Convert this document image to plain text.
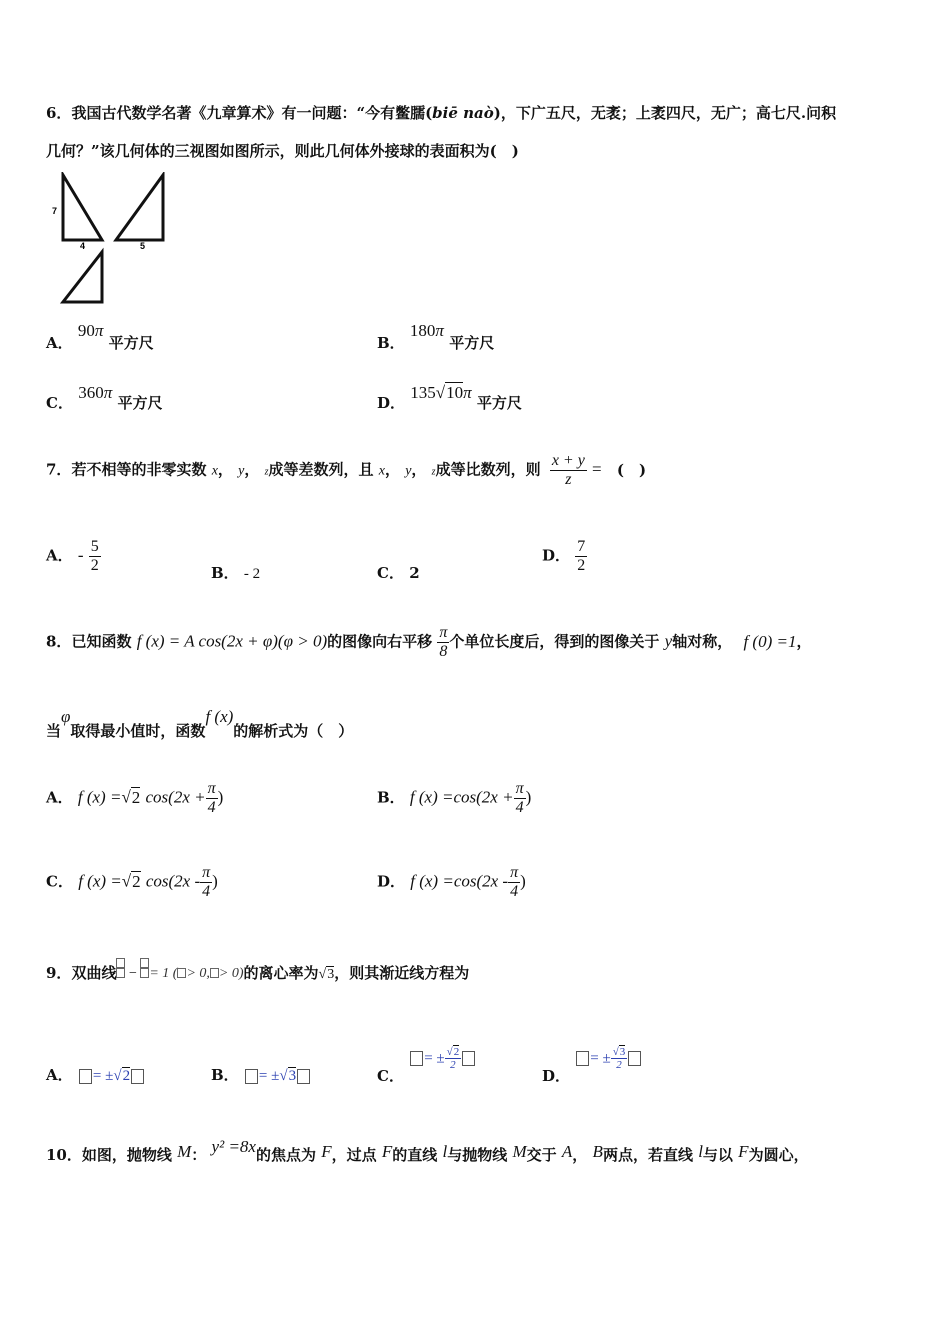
6．我国古代数学名著《九章算术》有一问题：“今有鳖臑(biē naò)，下广五尺，无袤；上袤四尺，无广；高七尺.问积
几何？”该几何体的三视图如图所示，则此几何体外接球的表面积为(　)
7
4	5
A． 90π 平方尺	B． 180π 平方尺
C． 360π 平方尺	D． 135√10π 平方尺
7．若不相等的非零实数 x， y， z成等差数列，且 x， y， z成等比数列，则 $\frac{x + y}{z}$ = (　)
A． - $\frac{5}{2}$	B． - 2	C． 2
D． $\frac{7}{2}$
8．已知函数 f (x) = A cos(2x + φ)(φ > 0)的图像向右平移 $\frac{\pi}{8}$ 个单位长度后，得到的图像关于 y轴对称， f (0) =1，
当φ取得最小值时，函数f (x)的解析式为（　）
A． f (x) =√2 $\cos(2x + \frac{\pi}{4}$ )	B． f $(x) =\cos(2x + \frac{\pi}{4}$ )
C． f (x) =√2 $\cos(2x - \frac{\pi}{4}$ )	D． f $(x) =\cos(2x - \frac{\pi}{4}$ )
9．双曲线
−
= 1 ( > 0, > 0)的离心率为√3，则其渐近线方程为
A． = ±√2	B． = ±√3	C． = ± $\frac{√2}{2}$
D． = ± $\frac{√3}{2}$
10．如图，抛物线 M： y² =8x的焦点为 F，过点 F的直线 l与抛物线 M交于 A， B两点，若直线 l与以 F为圆心，
